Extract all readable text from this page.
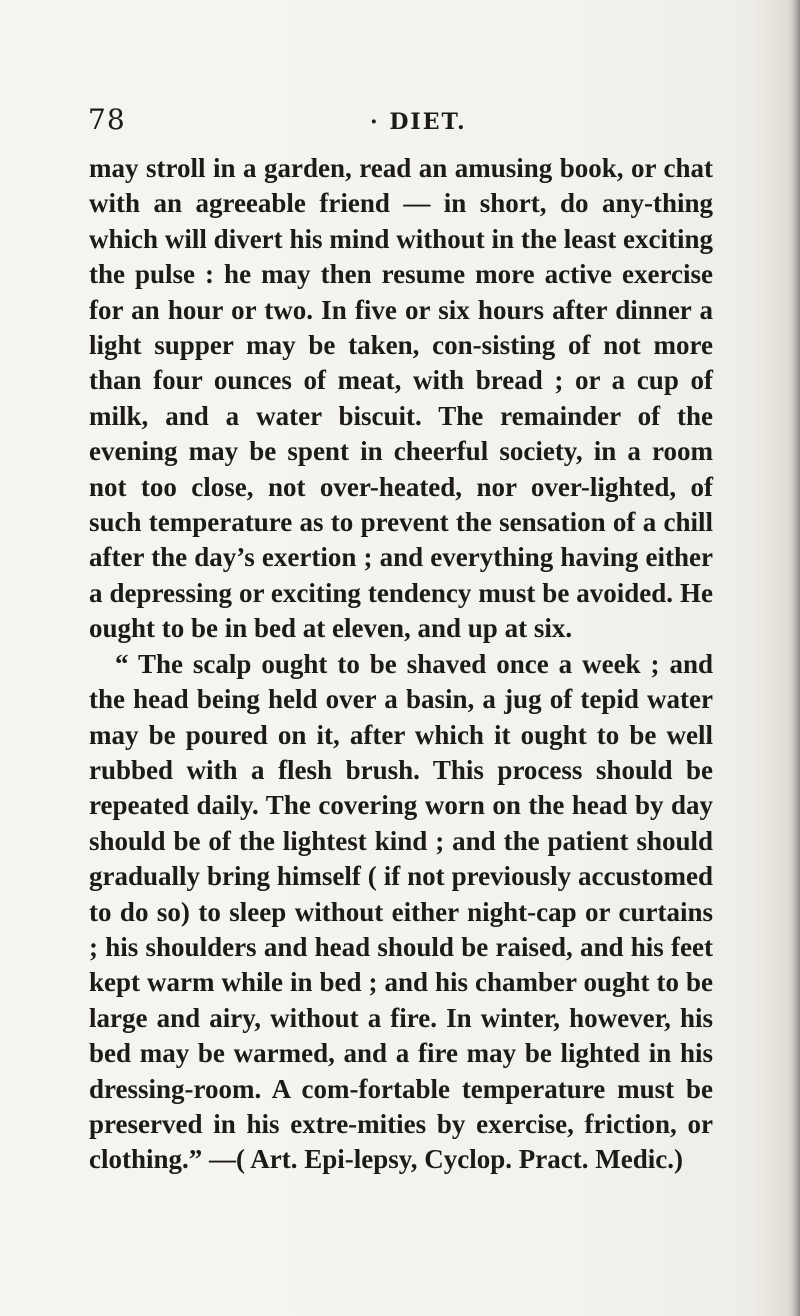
78	· DIET.

may stroll in a garden, read an amusing book, or chat with an agreeable friend — in short, do any-thing which will divert his mind without in the least exciting the pulse : he may then resume more active exercise for an hour or two. In five or six hours after dinner a light supper may be taken, con-sisting of not more than four ounces of meat, with bread ; or a cup of milk, and a water biscuit. The remainder of the evening may be spent in cheerful society, in a room not too close, not over-heated, nor over-lighted, of such temperature as to prevent the sensation of a chill after the day’s exertion ; and everything having either a depressing or exciting tendency must be avoided. He ought to be in bed at eleven, and up at six.

“ The scalp ought to be shaved once a week ; and the head being held over a basin, a jug of tepid water may be poured on it, after which it ought to be well rubbed with a flesh brush. This process should be repeated daily. The covering worn on the head by day should be of the lightest kind ; and the patient should gradually bring himself ( if not previously accustomed to do so) to sleep without either night-cap or curtains ; his shoulders and head should be raised, and his feet kept warm while in bed ; and his chamber ought to be large and airy, without a fire. In winter, however, his bed may be warmed, and a fire may be lighted in his dressing-room. A com-fortable temperature must be preserved in his extre-mities by exercise, friction, or clothing.” —( Art. Epi-lepsy, Cyclop. Pract. Medic.)
